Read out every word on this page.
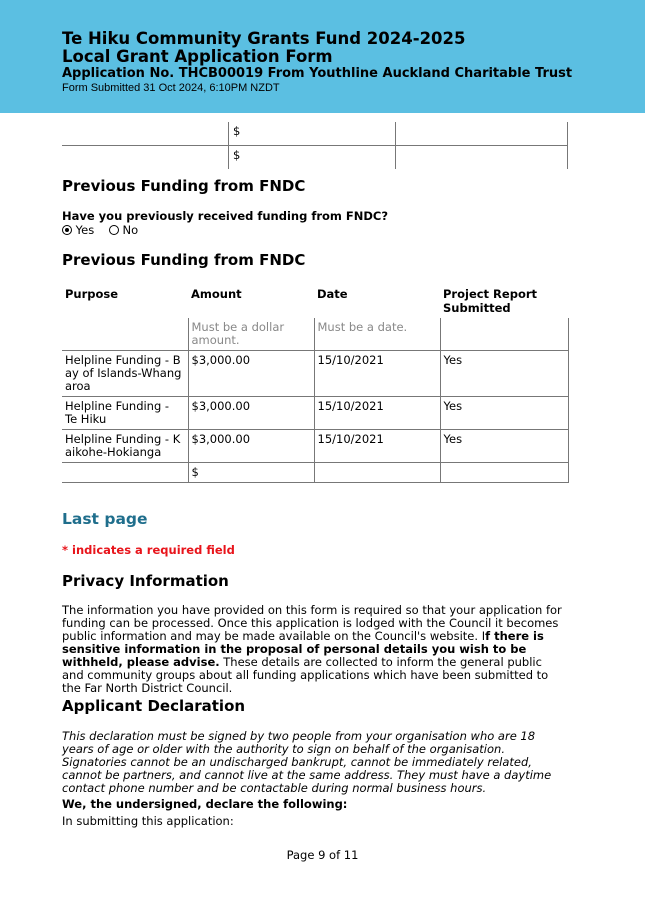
Te Hiku Community Grants Fund 2024-2025
Local Grant Application Form
Application No. THCB00019 From Youthline Auckland Charitable Trust
Form Submitted 31 Oct 2024, 6:10PM NZDT
	$	
	$	
Previous Funding from FNDC
Have you previously received funding from FNDC?
Yes No
Previous Funding from FNDC
Purpose	Amount	Date	Project Report Submitted
	Must be a dollar amount.	Must be a date.	
Helpline Funding - Bay of Islands-Whangaroa	$3,000.00	15/10/2021	Yes
Helpline Funding - Te Hiku	$3,000.00	15/10/2021	Yes
Helpline Funding - Kaikohe-Hokianga	$3,000.00	15/10/2021	Yes
	$		
Last page
* indicates a required field
Privacy Information
The information you have provided on this form is required so that your application for funding can be processed. Once this application is lodged with the Council it becomes public information and may be made available on the Council's website. If there is sensitive information in the proposal of personal details you wish to be withheld, please advise. These details are collected to inform the general public and community groups about all funding applications which have been submitted to the Far North District Council.
Applicant Declaration
This declaration must be signed by two people from your organisation who are 18 years of age or older with the authority to sign on behalf of the organisation. Signatories cannot be an undischarged bankrupt, cannot be immediately related, cannot be partners, and cannot live at the same address. They must have a daytime contact phone number and be contactable during normal business hours.
We, the undersigned, declare the following:
In submitting this application:
Page 9 of 11
